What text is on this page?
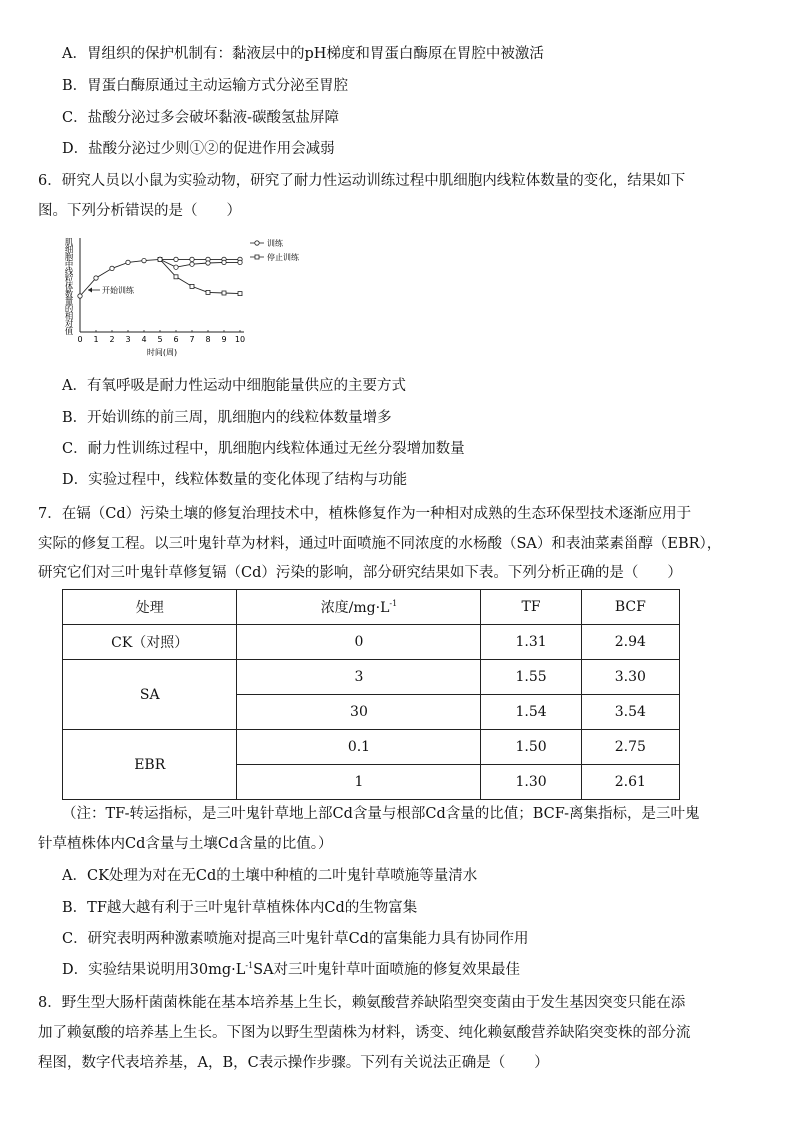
A．胃组织的保护机制有：黏液层中的pH梯度和胃蛋白酶原在胃腔中被激活
B．胃蛋白酶原通过主动运输方式分泌至胃腔
C．盐酸分泌过多会破坏黏液-碳酸氢盐屏障
D．盐酸分泌过少则①②的促进作用会减弱
6．研究人员以小鼠为实验动物，研究了耐力性运动训练过程中肌细胞内线粒体数量的变化，结果如下
图。下列分析错误的是（　　）
肌
细
胞
中
线
粒
体
数
量
的
相
对
值
0 1 2 3 4 5 6 7 8 9 10
时间(周)
开始训练
训练
停止训练
A．有氧呼吸是耐力性运动中细胞能量供应的主要方式
B．开始训练的前三周，肌细胞内的线粒体数量增多
C．耐力性训练过程中，肌细胞内线粒体通过无丝分裂增加数量
D．实验过程中，线粒体数量的变化体现了结构与功能
7．在镉（Cd）污染土壤的修复治理技术中，植株修复作为一种相对成熟的生态环保型技术逐渐应用于
实际的修复工程。以三叶鬼针草为材料，通过叶面喷施不同浓度的水杨酸（SA）和表油菜素甾醇（EBR），
研究它们对三叶鬼针草修复镉（Cd）污染的影响，部分研究结果如下表。下列分析正确的是（　　）
处理	浓度$/mg\cdot L^{-1}$	TF	BCF
CK（对照）	0	1.31	2.94
SA	3	1.55	3.30
	30	1.54	3.54
EBR	0.1	1.50	2.75
	1	1.30	2.61
（注：TF-转运指标，是三叶鬼针草地上部Cd含量与根部Cd含量的比值；BCF-离集指标，是三叶鬼
针草植株体内Cd含量与土壤Cd含量的比值。）
A．CK处理为对在无Cd的土壤中种植的二叶鬼针草喷施等量清水
B．TF越大越有利于三叶鬼针草植株体内Cd的生物富集
C．研究表明两种激素喷施对提高三叶鬼针草Cd的富集能力具有协同作用
D．实验结果说明用$30mg\cdot L^{-1}SA$对三叶鬼针草叶面喷施的修复效果最佳
8．野生型大肠杆菌菌株能在基本培养基上生长，赖氨酸营养缺陷型突变菌由于发生基因突变只能在添
加了赖氨酸的培养基上生长。下图为以野生型菌株为材料，诱变、纯化赖氨酸营养缺陷突变株的部分流
程图，数字代表培养基，A，B，C表示操作步骤。下列有关说法正确是（　　）
